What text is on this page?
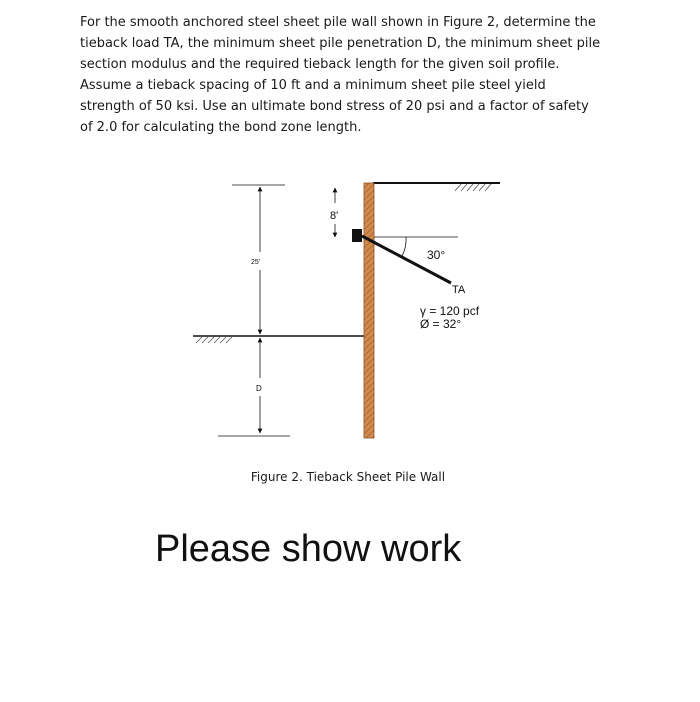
For the smooth anchored steel sheet pile wall shown in Figure 2, determine the
tieback load TA, the minimum sheet pile penetration D, the minimum sheet pile
section modulus and the required tieback length for the given soil profile.
Assume a tieback spacing of 10 ft and a minimum sheet pile steel yield
strength of 50 ksi. Use an ultimate bond stress of 20 psi and a factor of safety
of 2.0 for calculating the bond zone length.
8'
25'
D
30°
TA
γ = 120 pcf
Ø = 32°
Figure 2. Tieback Sheet Pile Wall
Please show work
